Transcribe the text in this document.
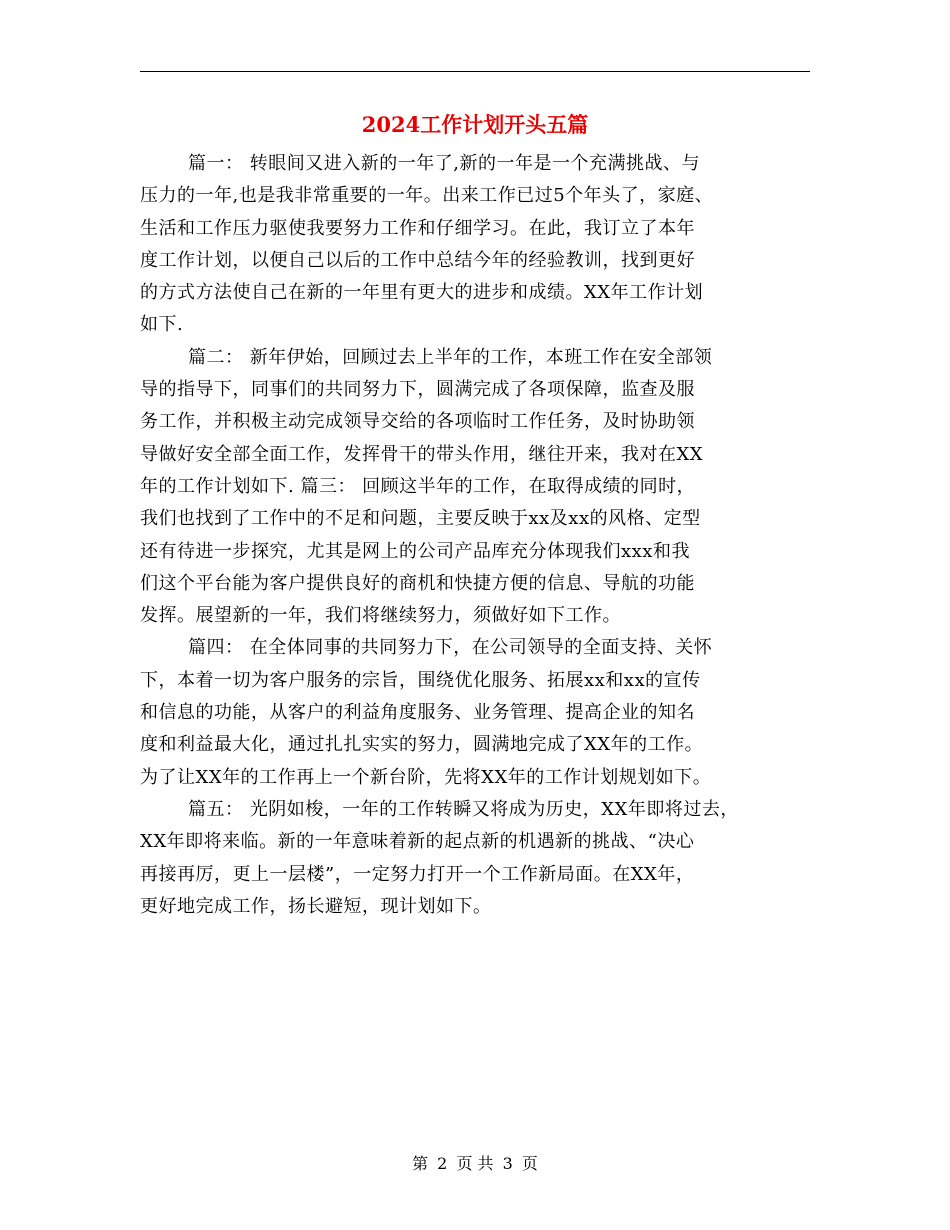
2024工作计划开头五篇
篇一： 转眼间又进入新的一年了,新的一年是一个充满挑战、与
压力的一年,也是我非常重要的一年。出来工作已过5个年头了，家庭、
生活和工作压力驱使我要努力工作和仔细学习。在此，我订立了本年
度工作计划，以便自己以后的工作中总结今年的经验教训，找到更好
的方式方法使自己在新的一年里有更大的进步和成绩。XX年工作计划
如下.
篇二： 新年伊始，回顾过去上半年的工作，本班工作在安全部领
导的指导下，同事们的共同努力下，圆满完成了各项保障，监查及服
务工作，并积极主动完成领导交给的各项临时工作任务，及时协助领
导做好安全部全面工作，发挥骨干的带头作用，继往开来，我对在XX
年的工作计划如下. 篇三： 回顾这半年的工作，在取得成绩的同时，
我们也找到了工作中的不足和问题，主要反映于xx及xx的风格、定型
还有待进一步探究，尤其是网上的公司产品库充分体现我们xxx和我
们这个平台能为客户提供良好的商机和快捷方便的信息、导航的功能
发挥。展望新的一年，我们将继续努力，须做好如下工作。
篇四： 在全体同事的共同努力下，在公司领导的全面支持、关怀
下，本着一切为客户服务的宗旨，围绕优化服务、拓展xx和xx的宣传
和信息的功能，从客户的利益角度服务、业务管理、提高企业的知名
度和利益最大化，通过扎扎实实的努力，圆满地完成了XX年的工作。
为了让XX年的工作再上一个新台阶，先将XX年的工作计划规划如下。
篇五： 光阴如梭，一年的工作转瞬又将成为历史，XX年即将过去，
XX年即将来临。新的一年意味着新的起点新的机遇新的挑战、“决心
再接再厉，更上一层楼”，一定努力打开一个工作新局面。在XX年，
更好地完成工作，扬长避短，现计划如下。
第 2 页 共 3 页
